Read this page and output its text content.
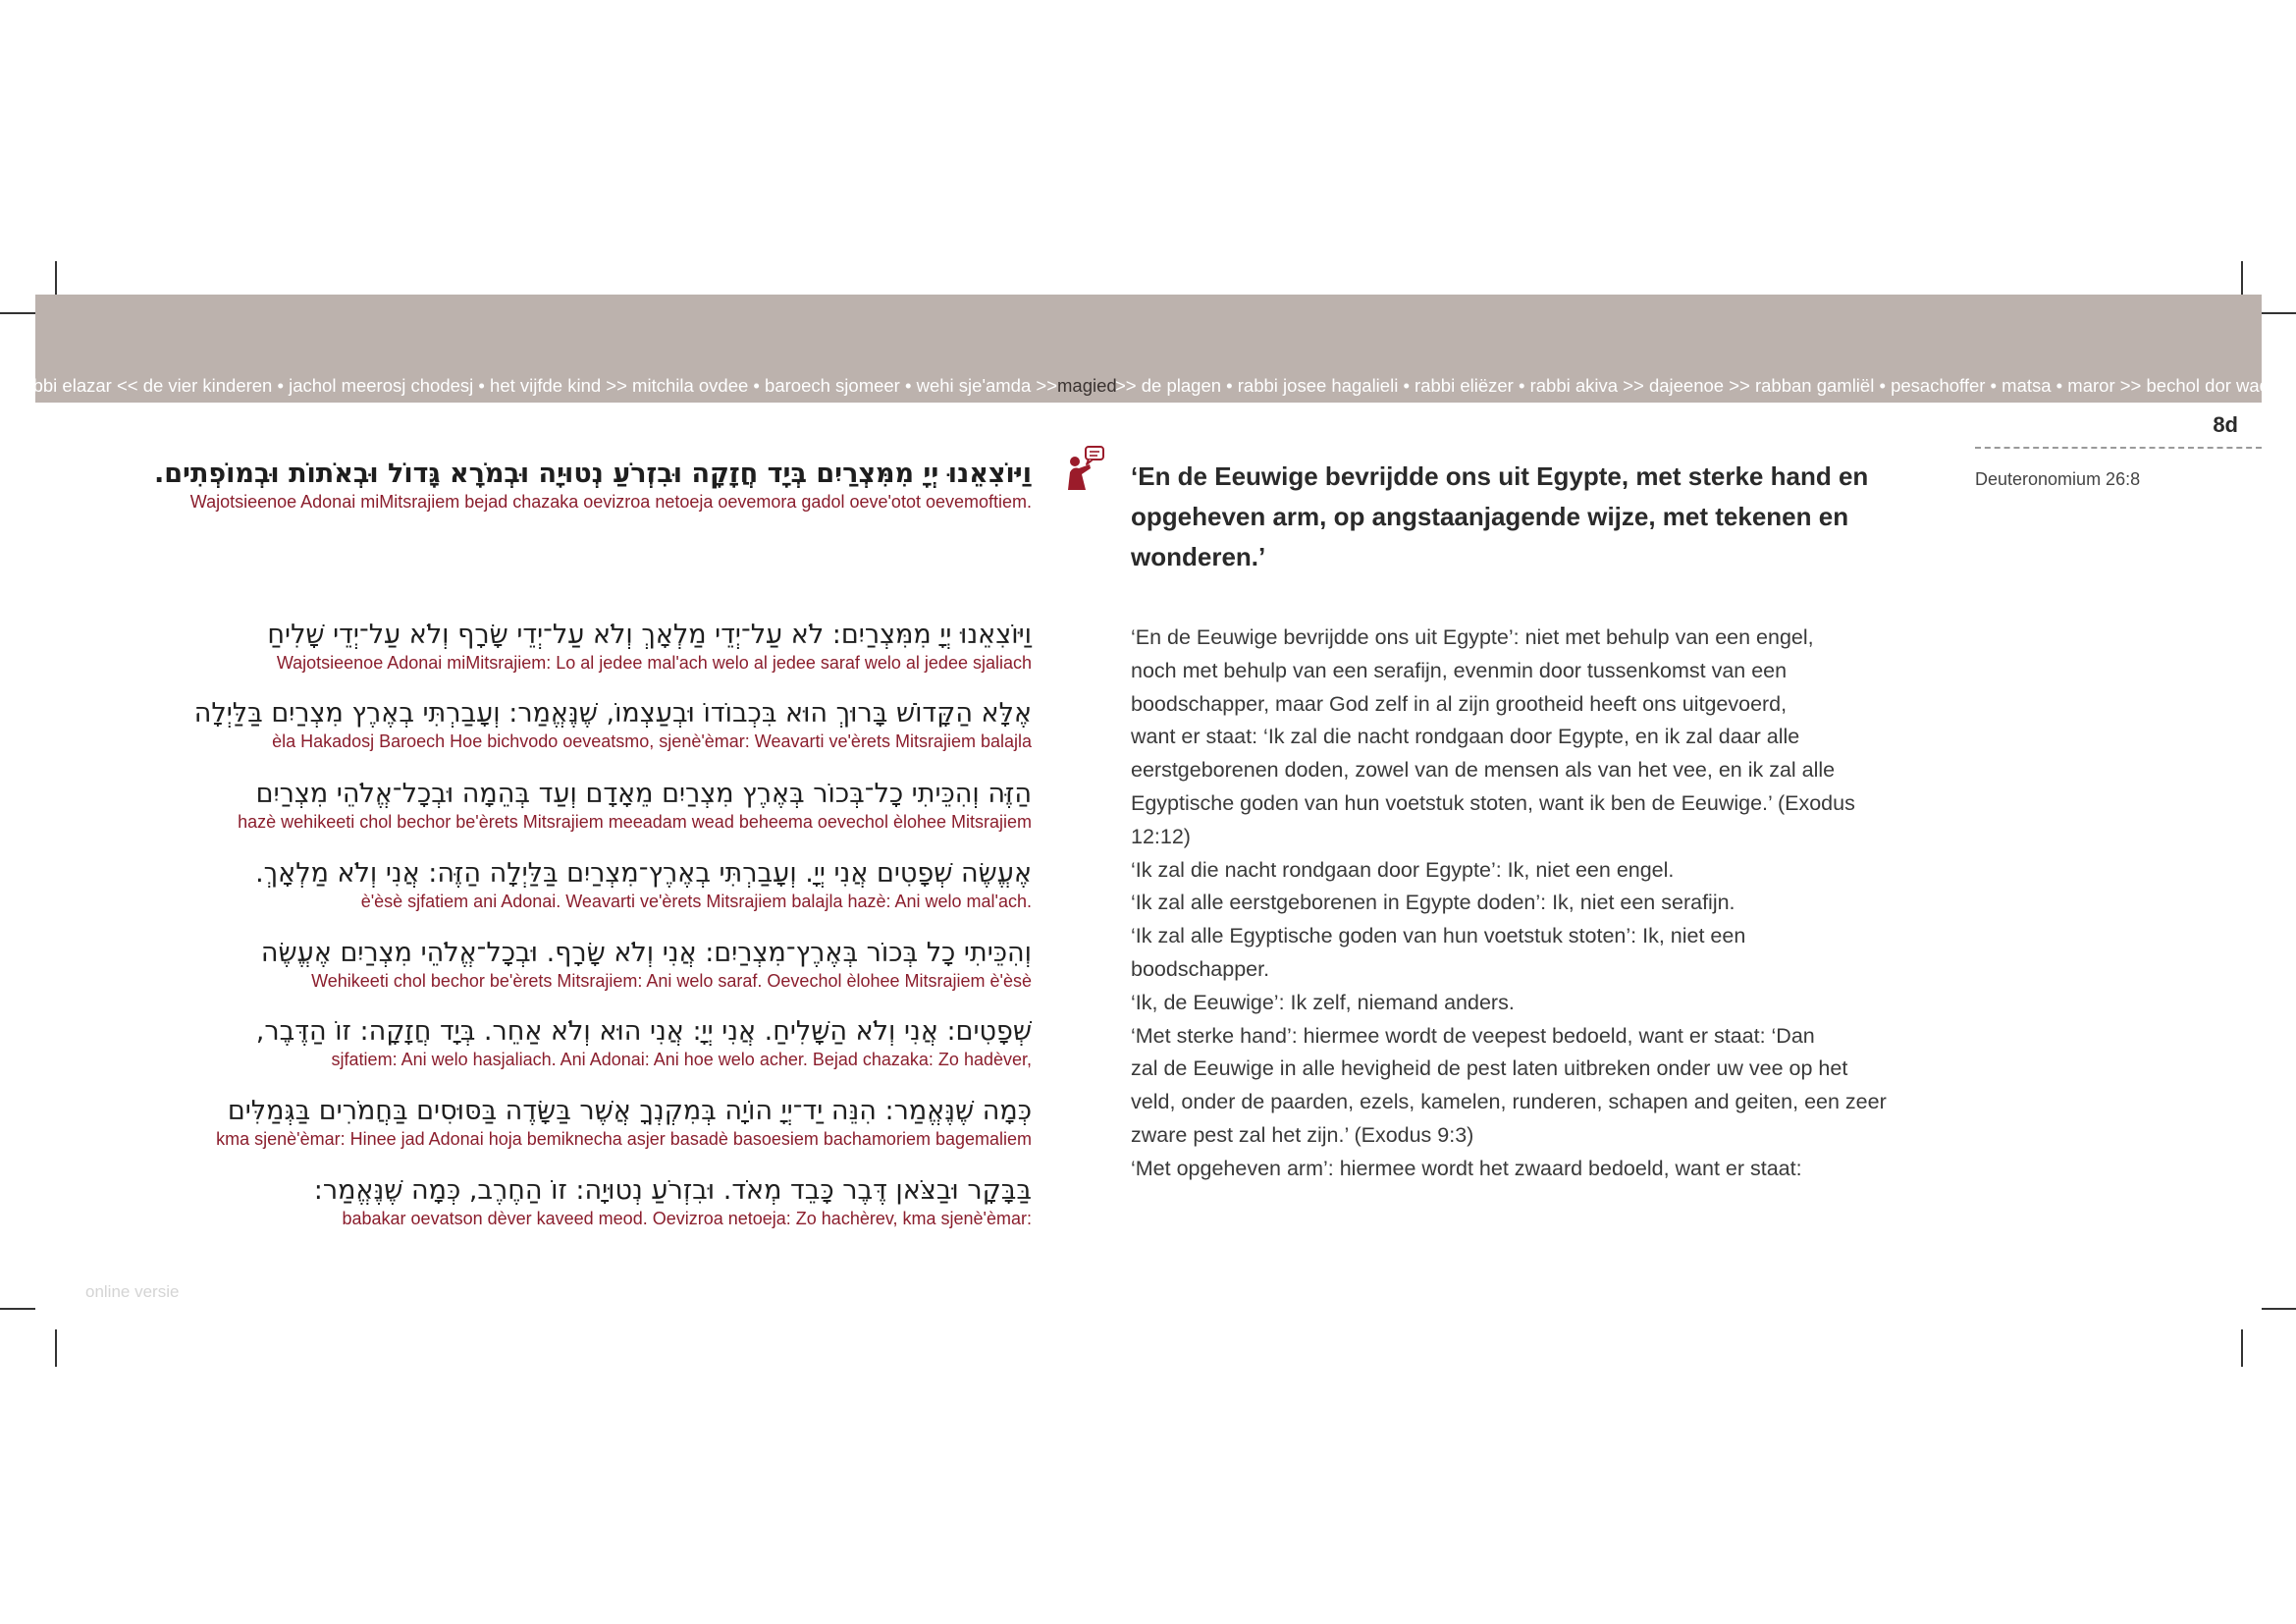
rabbi elazar << de vier kinderen • jachol meerosj chodesj • het vijfde kind >> mitchila ovdee • baroech sjomeer • wehi sje'amda >> magied
>> de plagen • rabbi josee hagalieli • rabbi eliëzer • rabbi akiva >> dajeenoe >> rabban gamliël • pesachoffer • matsa • maror >> bechol dor wador
8d
Deuteronomium 26:8
וַיּוֹצִאֵנוּ יְיָ מִמִּצְרַיִם בְּיָד חֲזָקָה וּבִזְרֹעַ נְטוּיָה וּבְמֹרָא גָּדוֹל וּבְאֹתוֹת וּבְמוֹפְתִים.
Wajotsieenoe Adonai miMitsrajiem bejad chazaka oevizroa netoeja oevemora gadol oeve'otot oevemoftiem.
וַיּוֹצִאֵנוּ יְיָ מִמִּצְרַיִם: לֹא עַל־יְדֵי מַלְאָךְ וְלֹא עַל־יְדֵי שָׂרָף וְלֹא עַל־יְדֵי שָׁלִיחַ
Wajotsieenoe Adonai miMitsrajiem: Lo al jedee mal'ach welo al jedee saraf welo al jedee sjaliach
אֶלָּא הַקָּדוֹשׁ בָּרוּךְ הוּא בִּכְבוֹדוֹ וּבְעַצְמוֹ, שֶׁנֶּאֱמַר: וְעָבַרְתִּי בְאֶרֶץ מִצְרַיִם בַּלַּיְלָה
èla Hakadosj Baroech Hoe bichvodo oeveatsmo, sjenè'èmar: Weavarti ve'èrets Mitsrajiem balajla
הַזֶּה וְהִכֵּיתִי כָל־בְּכוֹר בְּאֶרֶץ מִצְרַיִם מֵאָדָם וְעַד בְּהֵמָה וּבְכָל־אֱלֹהֵי מִצְרַיִם
hazè wehikeeti chol bechor be'èrets Mitsrajiem meeadam wead beheema oevechol èlohee Mitsrajiem
אֶעֱשֶׂה שְׁפָטִים אֲנִי יְיָ. וְעָבַרְתִּי בְאֶרֶץ־מִצְרַיִם בַּלַּיְלָה הַזֶּה: אֲנִי וְלֹא מַלְאָךְ.
è'èsè sjfatiem ani Adonai. Weavarti ve'èrets Mitsrajiem balajla hazè: Ani welo mal'ach.
וְהִכֵּיתִי כָל בְּכוֹר בְּאֶרֶץ־מִצְרַיִם: אֲנִי וְלֹא שָׂרָף. וּבְכָל־אֱלֹהֵי מִצְרַיִם אֶעֱשֶׂה
Wehikeeti chol bechor be'èrets Mitsrajiem: Ani welo saraf. Oevechol èlohee Mitsrajiem è'èsè
שְׁפָטִים: אֲנִי וְלֹא הַשָּׁלִיחַ. אֲנִי יְיָ: אֲנִי הוּא וְלֹא אַחֵר. בְּיָד חֲזָקָה: זוֹ הַדֶּבֶר,
sjfatiem: Ani welo hasjaliach. Ani Adonai: Ani hoe welo acher. Bejad chazaka: Zo hadèver,
כְּמָה שֶׁנֶּאֱמַר: הִנֵּה יַד־יְיָ הוֹיָה בְּמִקְנְךָ אֲשֶׁר בַּשָּׂדֶה בַּסּוּסִים בַּחֲמֹרִים בַּגְּמַלִּים
kma sjenè'èmar: Hinee jad Adonai hoja bemiknecha asjer basadè basoesiem bachamoriem bagemaliem
בַּבָּקָר וּבַצֹּאן דֶּבֶר כָּבֵד מְאֹד. וּבִזְרֹעַ נְטוּיָה: זוֹ הַחֶרֶב, כְּמָה שֶׁנֶּאֱמַר:
babakar oevatson dèver kaveed meod. Oevizroa netoeja: Zo hachèrev, kma sjenè'èmar:
‘En de Eeuwige bevrijdde ons uit Egypte, met sterke hand en
opgeheven arm, op angstaanjagende wijze, met tekenen en
wonderen.’
‘En de Eeuwige bevrijdde ons uit Egypte’: niet met behulp van een engel,
noch met behulp van een serafijn, evenmin door tussenkomst van een
boodschapper, maar God zelf in al zijn grootheid heeft ons uitgevoerd,
want er staat: ‘Ik zal die nacht rondgaan door Egypte, en ik zal daar alle
eerstgeborenen doden, zowel van de mensen als van het vee, en ik zal alle
Egyptische goden van hun voetstuk stoten, want ik ben de Eeuwige.’ (Exodus
12:12)
‘Ik zal die nacht rondgaan door Egypte’: Ik, niet een engel.
‘Ik zal alle eerstgeborenen in Egypte doden’: Ik, niet een serafijn.
‘Ik zal alle Egyptische goden van hun voetstuk stoten’: Ik, niet een
boodschapper.
‘Ik, de Eeuwige’: Ik zelf, niemand anders.
‘Met sterke hand’: hiermee wordt de veepest bedoeld, want er staat: ‘Dan
zal de Eeuwige in alle hevigheid de pest laten uitbreken onder uw vee op het
veld, onder de paarden, ezels, kamelen, runderen, schapen and geiten, een zeer
zware pest zal het zijn.’ (Exodus 9:3)
‘Met opgeheven arm’: hiermee wordt het zwaard bedoeld, want er staat:
online versie
